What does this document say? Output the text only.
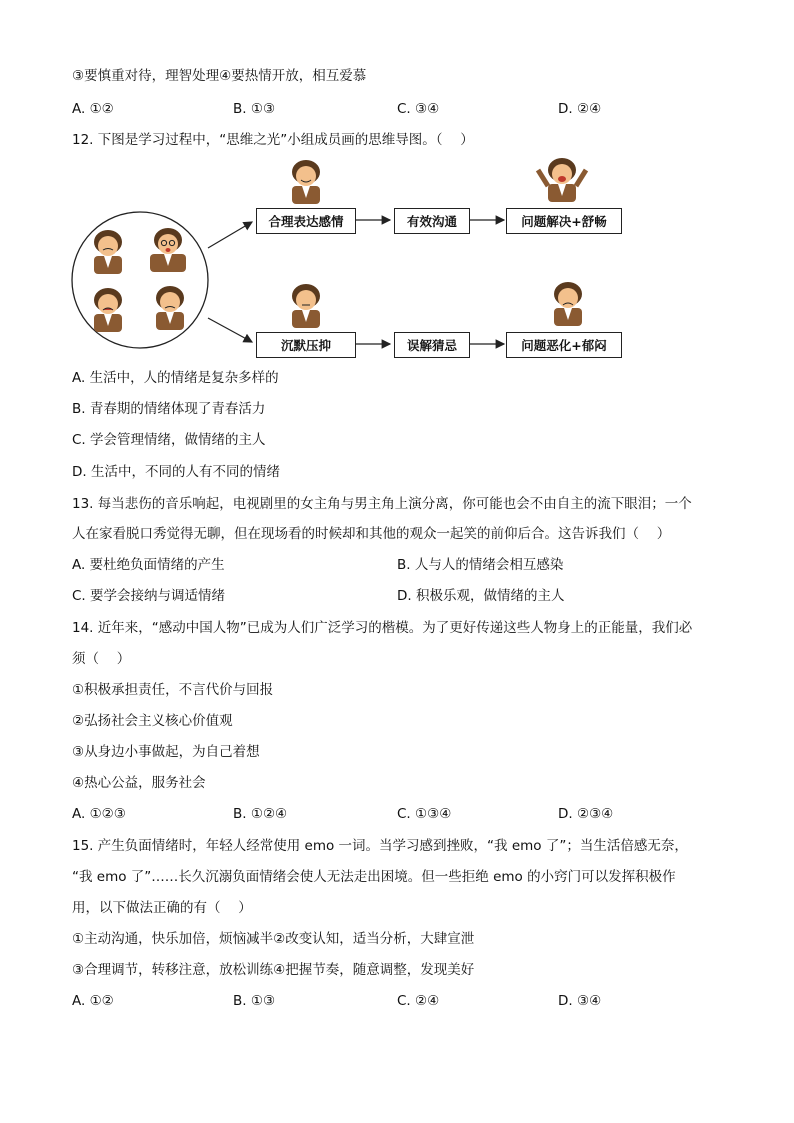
③要慎重对待，理智处理④要热情开放，相互爱慕
A. ①②	B. ①③	C. ③④	D. ②④
12. 下图是学习过程中，“思维之光”小组成员画的思维导图。（　 ）
合理表达感情	有效沟通	问题解决+舒畅
沉默压抑	误解猜忌	问题恶化+郁闷
A. 生活中，人的情绪是复杂多样的
B. 青春期的情绪体现了青春活力
C. 学会管理情绪，做情绪的主人
D. 生活中，不同的人有不同的情绪
13. 每当悲伤的音乐响起，电视剧里的女主角与男主角上演分离，你可能也会不由自主的流下眼泪；一个
人在家看脱口秀觉得无聊，但在现场看的时候却和其他的观众一起笑的前仰后合。这告诉我们（　 ）
A. 要杜绝负面情绪的产生	B. 人与人的情绪会相互感染
C. 要学会接纳与调适情绪	D. 积极乐观，做情绪的主人
14. 近年来，“感动中国人物”已成为人们广泛学习的楷模。为了更好传递这些人物身上的正能量，我们必
须（　 ）
①积极承担责任，不言代价与回报
②弘扬社会主义核心价值观
③从身边小事做起，为自己着想
④热心公益，服务社会
A. ①②③	B. ①②④	C. ①③④	D. ②③④
15. 产生负面情绪时，年轻人经常使用 emo 一词。当学习感到挫败，“我 emo 了”；当生活倍感无奈，
“我 emo 了”……长久沉溺负面情绪会使人无法走出困境。但一些拒绝 emo 的小窍门可以发挥积极作
用，以下做法正确的有（　 ）
①主动沟通，快乐加倍，烦恼减半②改变认知，适当分析，大肆宣泄
③合理调节，转移注意，放松训练④把握节奏，随意调整，发现美好
A. ①②	B. ①③	C. ②④	D. ③④
